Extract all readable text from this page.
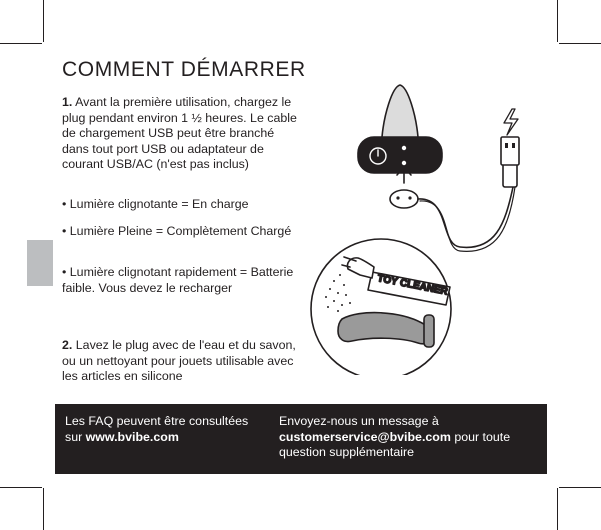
COMMENT DÉMARRER

1. Avant la première utilisation, chargez le plug pendant environ 1 ½ heures. Le cable de chargement USB peut être branché dans tout port USB ou adaptateur de courant USB/AC (n'est pas inclus)

• Lumière clignotante = En charge

• Lumière Pleine = Complètement Chargé

• Lumière clignotant rapidement = Batterie faible. Vous devez le recharger

2. Lavez le plug avec de l'eau et du savon, ou un nettoyant pour jouets utilisable avec les articles en silicone

TOY CLEANER
Les FAQ peuvent être consultées sur www.bvibe.com
Envoyez-nous un message à customerservice@bvibe.com pour toute question supplémentaire
